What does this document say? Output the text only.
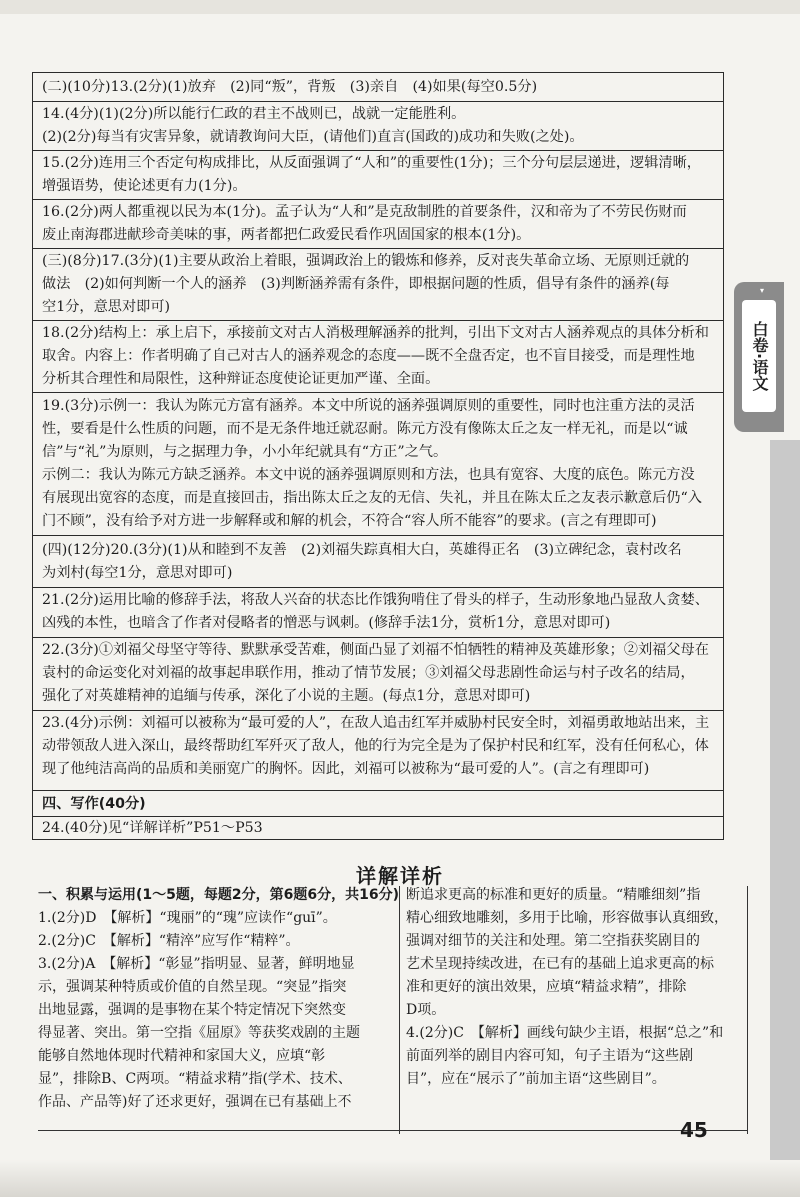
(二)(10分)13.(2分)(1)放弃　(2)同“叛”，背叛　(3)亲自　(4)如果(每空0.5分)
14.(4分)(1)(2分)所以能行仁政的君主不战则已，战就一定能胜利。
(2)(2分)每当有灾害异象，就请教询问大臣，(请他们)直言(国政的)成功和失败(之处)。
15.(2分)连用三个否定句构成排比，从反面强调了“人和”的重要性(1分)；三个分句层层递进，逻辑清晰，
增强语势，使论述更有力(1分)。
16.(2分)两人都重视以民为本(1分)。孟子认为“人和”是克敌制胜的首要条件，汉和帝为了不劳民伤财而
废止南海郡进献珍奇美味的事，两者都把仁政爱民看作巩固国家的根本(1分)。
(三)(8分)17.(3分)(1)主要从政治上着眼，强调政治上的锻炼和修养，反对丧失革命立场、无原则迁就的
做法　(2)如何判断一个人的涵养　(3)判断涵养需有条件，即根据问题的性质，倡导有条件的涵养(每
空1分，意思对即可)
18.(2分)结构上：承上启下，承接前文对古人消极理解涵养的批判，引出下文对古人涵养观点的具体分析和
取舍。内容上：作者明确了自己对古人的涵养观念的态度——既不全盘否定，也不盲目接受，而是理性地
分析其合理性和局限性，这种辩证态度使论证更加严谨、全面。
19.(3分)示例一：我认为陈元方富有涵养。本文中所说的涵养强调原则的重要性，同时也注重方法的灵活
性，要看是什么性质的问题，而不是无条件地迁就忍耐。陈元方没有像陈太丘之友一样无礼，而是以“诚
信”与“礼”为原则，与之据理力争，小小年纪就具有“方正”之气。
示例二：我认为陈元方缺乏涵养。本文中说的涵养强调原则和方法，也具有宽容、大度的底色。陈元方没
有展现出宽容的态度，而是直接回击，指出陈太丘之友的无信、失礼，并且在陈太丘之友表示歉意后仍“入
门不顾”，没有给予对方进一步解释或和解的机会，不符合“容人所不能容”的要求。(言之有理即可)
(四)(12分)20.(3分)(1)从和睦到不友善　(2)刘福失踪真相大白，英雄得正名　(3)立碑纪念，袁村改名
为刘村(每空1分，意思对即可)
21.(2分)运用比喻的修辞手法，将敌人兴奋的状态比作饿狗啃住了骨头的样子，生动形象地凸显敌人贪婪、
凶残的本性，也暗含了作者对侵略者的憎恶与讽刺。(修辞手法1分，赏析1分，意思对即可)
22.(3分)①刘福父母坚守等待、默默承受苦难，侧面凸显了刘福不怕牺牲的精神及英雄形象；②刘福父母在
袁村的命运变化对刘福的故事起串联作用，推动了情节发展；③刘福父母悲剧性命运与村子改名的结局，
强化了对英雄精神的追缅与传承，深化了小说的主题。(每点1分，意思对即可)
23.(4分)示例：刘福可以被称为“最可爱的人”，在敌人追击红军并威胁村民安全时，刘福勇敢地站出来，主
动带领敌人进入深山，最终帮助红军歼灭了敌人，他的行为完全是为了保护村民和红军，没有任何私心，体
现了他纯洁高尚的品质和美丽宽广的胸怀。因此，刘福可以被称为“最可爱的人”。(言之有理即可)
四、写作(40分)
24.(40分)见“详解详析”P51～P53
白卷·语文
▾
详解详析
一、积累与运用(1～5题，每题2分，第6题6分，共16分)
1.(2分)D　【解析】“瑰丽”的“瑰”应读作“guī”。
2.(2分)C　【解析】“精淬”应写作“精粹”。
3.(2分)A　【解析】“彰显”指明显、显著，鲜明地显
示，强调某种特质或价值的自然呈现。“突显”指突
出地显露，强调的是事物在某个特定情况下突然变
得显著、突出。第一空指《屈原》等获奖戏剧的主题
能够自然地体现时代精神和家国大义，应填“彰
显”，排除B、C两项。“精益求精”指(学术、技术、
作品、产品等)好了还求更好，强调在已有基础上不
断追求更高的标准和更好的质量。“精雕细刻”指
精心细致地雕刻，多用于比喻，形容做事认真细致，
强调对细节的关注和处理。第二空指获奖剧目的
艺术呈现持续改进，在已有的基础上追求更高的标
准和更好的演出效果，应填“精益求精”，排除
D项。
4.(2分)C　【解析】画线句缺少主语，根据“总之”和
前面列举的剧目内容可知，句子主语为“这些剧
目”，应在“展示了”前加主语“这些剧目”。
45
